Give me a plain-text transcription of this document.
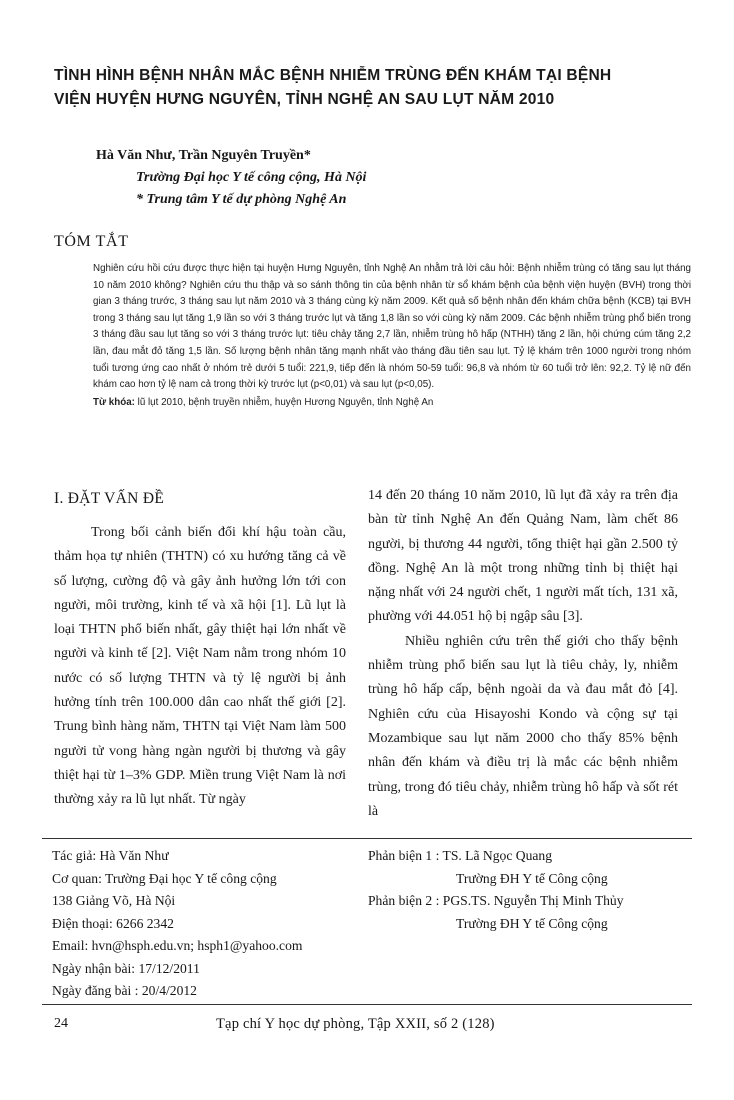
TÌNH HÌNH BỆNH NHÂN MẮC BỆNH NHIỄM TRÙNG ĐẾN KHÁM TẠI BỆNH
VIỆN HUYỆN HƯNG NGUYÊN, TỈNH NGHỆ AN SAU LỤT NĂM 2010
Hà Văn Như, Trần Nguyên Truyền*
Trường Đại học Y tế công cộng, Hà Nội
* Trung tâm Y tế dự phòng Nghệ An
TÓM TẮT

Nghiên cứu hồi cứu được thực hiện tại huyện Hưng Nguyên, tỉnh Nghệ An nhằm trả lời câu hỏi: Bệnh nhiễm trùng có tăng sau lụt tháng 10 năm 2010 không? Nghiên cứu thu thập và so sánh thông tin của bệnh nhân từ sổ khám bệnh của bệnh viện huyện (BVH) trong thời gian 3 tháng trước, 3 tháng sau lụt năm 2010 và 3 tháng cùng kỳ năm 2009. Kết quả số bệnh nhân đến khám chữa bệnh (KCB) tại BVH trong 3 tháng sau lụt tăng 1,9 lần so với 3 tháng trước lụt và tăng 1,8 lần so với cùng kỳ năm 2009. Các bệnh nhiễm trùng phổ biến trong 3 tháng đầu sau lụt tăng so với 3 tháng trước lụt: tiêu chảy tăng 2,7 lần, nhiễm trùng hô hấp (NTHH) tăng 2 lần, hội chứng cúm tăng 2,2 lần, đau mắt đỏ tăng 1,5 lần. Số lượng bệnh nhân tăng mạnh nhất vào tháng đầu tiên sau lụt. Tỷ lệ khám trên 1000 người trong nhóm tuổi tương ứng cao nhất ở nhóm trẻ dưới 5 tuổi: 221,9, tiếp đến là nhóm 50-59 tuổi: 96,8 và nhóm từ 60 tuổi trở lên: 92,2. Tỷ lệ nữ đến khám cao hơn tỷ lệ nam cả trong thời kỳ trước lụt (p<0,01) và sau lụt (p<0,05).

Từ khóa: lũ lụt 2010, bệnh truyền nhiễm, huyện Hương Nguyên, tỉnh Nghệ An

I. ĐẶT VẤN ĐỀ

Trong bối cảnh biến đổi khí hậu toàn cầu, thảm họa tự nhiên (THTN) có xu hướng tăng cả về số lượng, cường độ và gây ảnh hưởng lớn tới con người, môi trường, kinh tế và xã hội [1]. Lũ lụt là loại THTN phổ biến nhất, gây thiệt hại lớn nhất về người và kinh tế [2]. Việt Nam nằm trong nhóm 10 nước có số lượng THTN và tỷ lệ người bị ảnh hưởng tính trên 100.000 dân cao nhất thế giới [2]. Trung bình hàng năm, THTN tại Việt Nam làm 500 người tử vong hàng ngàn người bị thương và gây thiệt hại từ 1–3% GDP. Miền trung Việt Nam là nơi thường xảy ra lũ lụt nhất. Từ ngày

14 đến 20 tháng 10 năm 2010, lũ lụt đã xảy ra trên địa bàn từ tỉnh Nghệ An đến Quảng Nam, làm chết 86 người, bị thương 44 người, tổng thiệt hại gần 2.500 tỷ đồng. Nghệ An là một trong những tỉnh bị thiệt hại nặng nhất với 24 người chết, 1 người mất tích, 131 xã, phường với 44.051 hộ bị ngập sâu [3].

Nhiều nghiên cứu trên thế giới cho thấy bệnh nhiễm trùng phổ biến sau lụt là tiêu chảy, ly, nhiễm trùng hô hấp cấp, bệnh ngoài da và đau mắt đỏ [4]. Nghiên cứu của Hisayoshi Kondo và cộng sự tại Mozambique sau lụt năm 2000 cho thấy 85% bệnh nhân đến khám và điều trị là mắc các bệnh nhiễm trùng, trong đó tiêu chảy, nhiễm trùng hô hấp và sốt rét là

Tác giả: Hà Văn Như
Cơ quan: Trường Đại học Y tế công cộng
138 Giảng Võ, Hà Nội
Điện thoại: 6266 2342
Email: hvn@hsph.edu.vn; hsph1@yahoo.com
Ngày nhận bài: 17/12/2011
Ngày đăng bài : 20/4/2012
Phản biện 1 : TS. Lã Ngọc Quang
Trường ĐH Y tế Công cộng
Phản biện 2 : PGS.TS. Nguyễn Thị Minh Thủy
Trường ĐH Y tế Công cộng
24	Tạp chí Y học dự phòng, Tập XXII, số 2 (128)
